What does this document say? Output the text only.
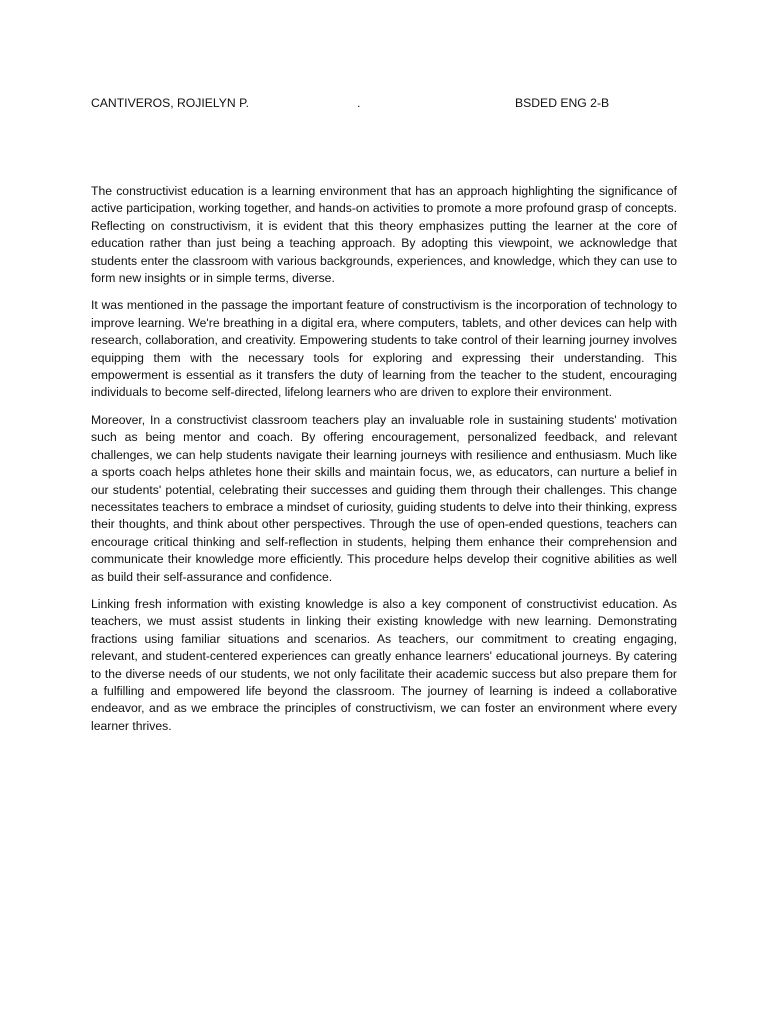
CANTIVEROS, ROJIELYN P.	.	BSDED ENG 2-B

The constructivist education is a learning environment that has an approach highlighting the significance of active participation, working together, and hands-on activities to promote a more profound grasp of concepts. Reflecting on constructivism, it is evident that this theory emphasizes putting the learner at the core of education rather than just being a teaching approach. By adopting this viewpoint, we acknowledge that students enter the classroom with various backgrounds, experiences, and knowledge, which they can use to form new insights or in simple terms, diverse.

It was mentioned in the passage the important feature of constructivism is the incorporation of technology to improve learning. We're breathing in a digital era, where computers, tablets, and other devices can help with research, collaboration, and creativity. Empowering students to take control of their learning journey involves equipping them with the necessary tools for exploring and expressing their understanding. This empowerment is essential as it transfers the duty of learning from the teacher to the student, encouraging individuals to become self-directed, lifelong learners who are driven to explore their environment.

Moreover, In a constructivist classroom teachers play an invaluable role in sustaining students' motivation such as being mentor and coach. By offering encouragement, personalized feedback, and relevant challenges, we can help students navigate their learning journeys with resilience and enthusiasm. Much like a sports coach helps athletes hone their skills and maintain focus, we, as educators, can nurture a belief in our students' potential, celebrating their successes and guiding them through their challenges. This change necessitates teachers to embrace a mindset of curiosity, guiding students to delve into their thinking, express their thoughts, and think about other perspectives. Through the use of open-ended questions, teachers can encourage critical thinking and self-reflection in students, helping them enhance their comprehension and communicate their knowledge more efficiently. This procedure helps develop their cognitive abilities as well as build their self-assurance and confidence.

Linking fresh information with existing knowledge is also a key component of constructivist education. As teachers, we must assist students in linking their existing knowledge with new learning. Demonstrating fractions using familiar situations and scenarios. As teachers, our commitment to creating engaging, relevant, and student-centered experiences can greatly enhance learners' educational journeys. By catering to the diverse needs of our students, we not only facilitate their academic success but also prepare them for a fulfilling and empowered life beyond the classroom. The journey of learning is indeed a collaborative endeavor, and as we embrace the principles of constructivism, we can foster an environment where every learner thrives.
